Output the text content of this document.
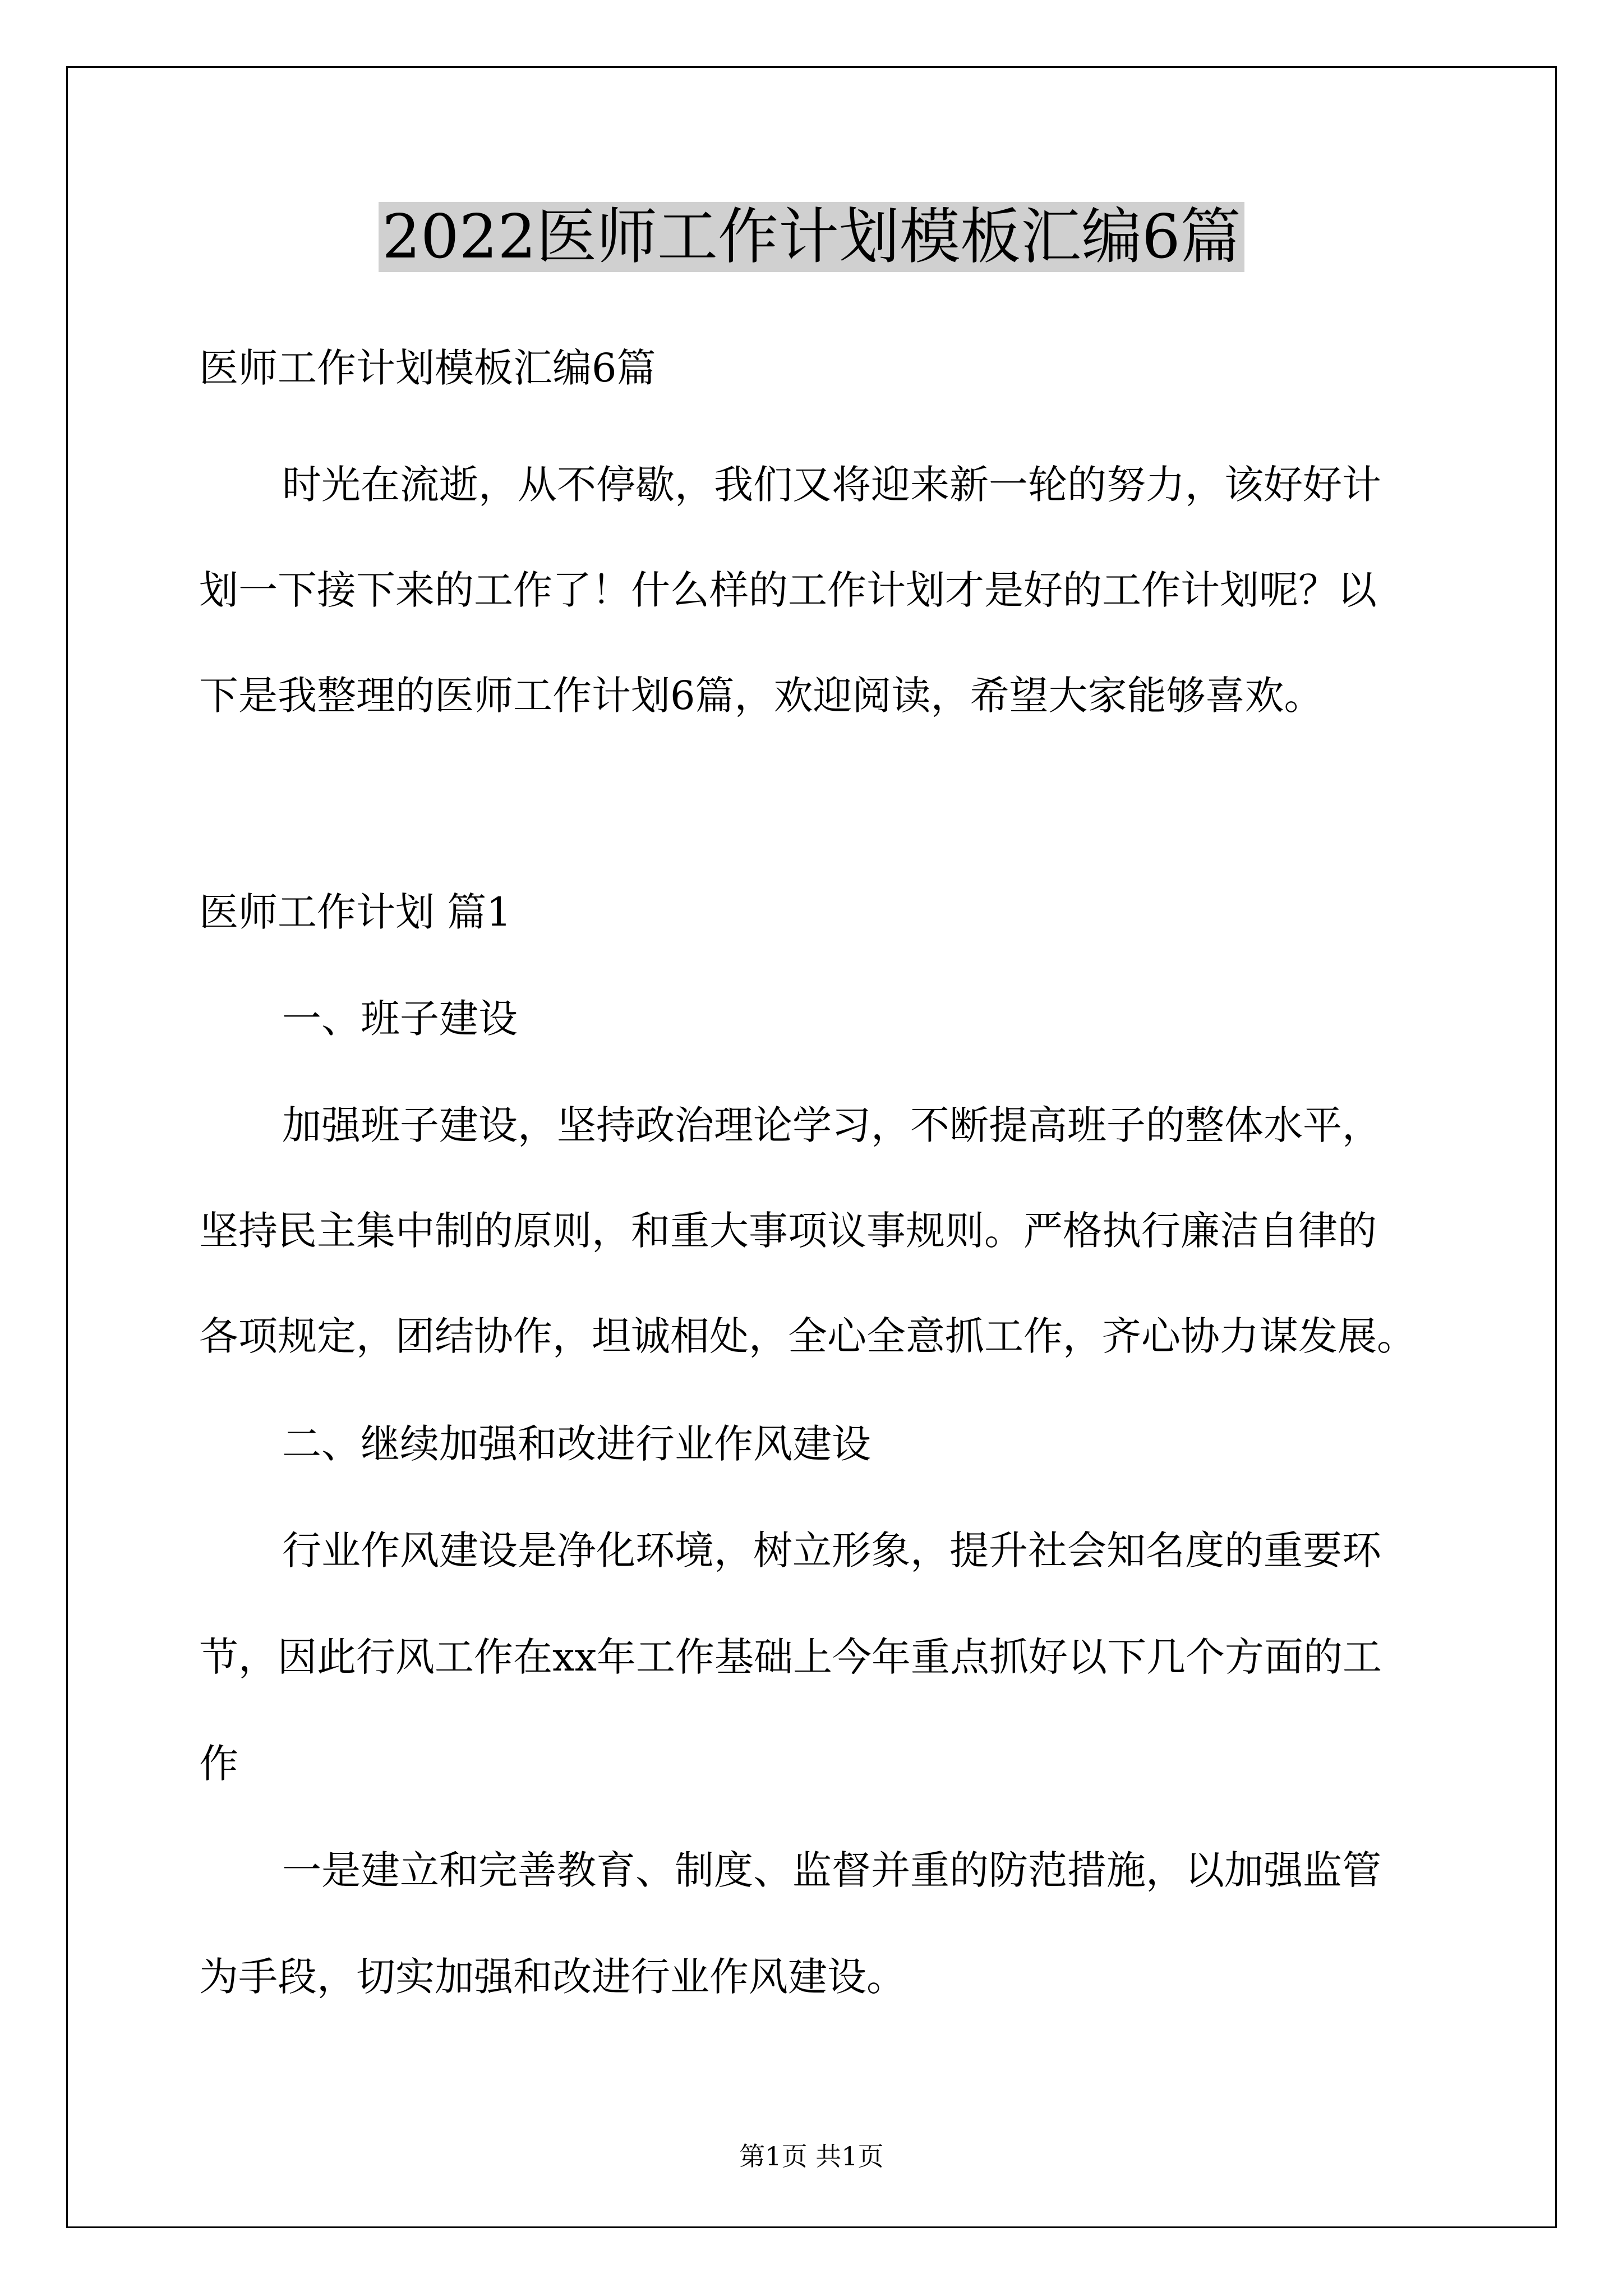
2022医师工作计划模板汇编6篇

医师工作计划模板汇编6篇

时光在流逝，从不停歇，我们又将迎来新一轮的努力，该好好计

划一下接下来的工作了！什么样的工作计划才是好的工作计划呢？以

下是我整理的医师工作计划6篇，欢迎阅读，希望大家能够喜欢。

医师工作计划 篇1

一、班子建设

加强班子建设，坚持政治理论学习，不断提高班子的整体水平，

坚持民主集中制的原则，和重大事项议事规则。严格执行廉洁自律的

各项规定，团结协作，坦诚相处，全心全意抓工作，齐心协力谋发展。

二、继续加强和改进行业作风建设

行业作风建设是净化环境，树立形象，提升社会知名度的重要环

节，因此行风工作在xx年工作基础上今年重点抓好以下几个方面的工

作

一是建立和完善教育、制度、监督并重的防范措施，以加强监管

为手段，切实加强和改进行业作风建设。

第1页 共1页
